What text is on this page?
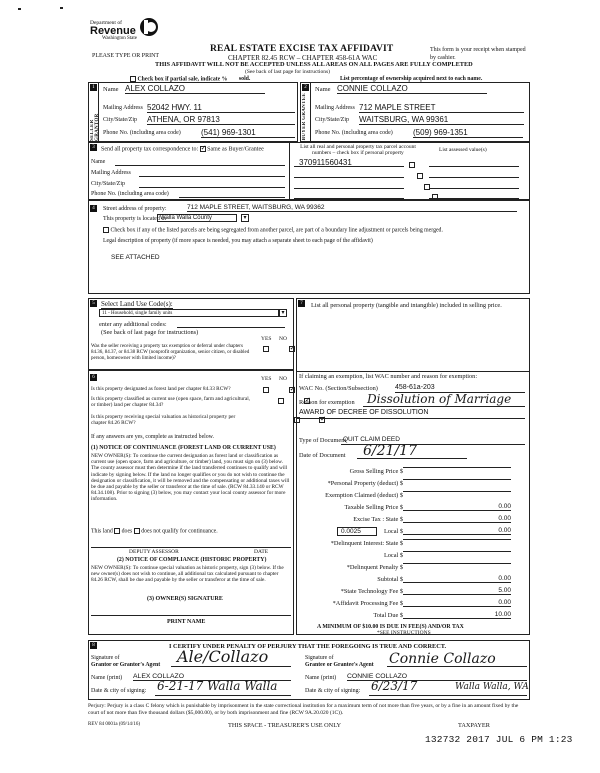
Department of
Revenue
Washington State
REAL ESTATE EXCISE TAX AFFIDAVIT
CHAPTER 82.45 RCW – CHAPTER 458-61A WAC
THIS AFFIDAVIT WILL NOT BE ACCEPTED UNLESS ALL AREAS ON ALL PAGES ARE FULLY COMPLETED
PLEASE TYPE OR PRINT
This form is your receipt when stamped by cashier.
(See back of last page for instructions)
Check box if partial sale, indicate % sold.	List percentage of ownership acquired next to each name.
SELLER GRANTOR
1	Name ALEX COLLAZO
Mailing Address 52042 HWY. 11
City/State/Zip ATHENA, OR 97813
Phone No. (including area code)	(541) 969-1301	BUYER GRANTEE
2	Name CONNIE COLLAZO
Mailing Address 712 MAPLE STREET
City/State/Zip WAITSBURG, WA 99361
Phone No. (including area code)	(509) 969-1351
3	Send all property tax correspondence to: ✓ Same as Buyer/Grantee
Name
Mailing Address
City/State/Zip
Phone No. (including area code)
List all real and personal property tax parcel account numbers – check box if personal property	List assessed value(s)
370911560431

4	Street address of property:	712 MAPLE STREET, WAITSBURG, WA 99362
This property is located in
Walla Walla County	▾
Check box if any of the listed parcels are being segregated from another parcel, are part of a boundary line adjustment or parcels being merged.
Legal description of property (if more space is needed, you may attach a separate sheet to each page of the affidavit)
SEE ATTACHED
5 Select Land Use Code(s):
11 - Household, single family units	▾
enter any additional codes:
(See back of last page for instructions)
YES NO
Was the seller receiving a property tax exemption or deferral under chapters 84.36, 84.37, or 84.38 RCW (nonprofit organization, senior citizen, or disabled person, homeowner with limited income)?
✓
6	YES NO
Is this property designated as forest land per chapter 84.33 RCW?
✓
Is this property classified as current use (open space, farm and agricultural, or timber) land per chapter 84.34?
✓
Is this property receiving special valuation as historical property per chapter 84.26 RCW?
✓
If any answers are yes, complete as instructed below.
(1) NOTICE OF CONTINUANCE (FOREST LAND OR CURRENT USE)
NEW OWNER(S): To continue the current designation as forest land or classification as current use (open space, farm and agriculture, or timber) land, you must sign on (3) below. The county assessor must then determine if the land transferred continues to qualify and will indicate by signing below. If the land no longer qualifies or you do not wish to continue the designation or classification, it will be removed and the compensating or additional taxes will be due and payable by the seller or transferor at the time of sale. (RCW 84.33.140 or RCW 84.34.108). Prior to signing (3) below, you may contact your local county assessor for more information.
This land does does not qualify for continuance.
DEPUTY ASSESSOR	DATE
(2) NOTICE OF COMPLIANCE (HISTORIC PROPERTY)
NEW OWNER(S): To continue special valuation as historic property, sign (3) below. If the new owner(s) does not wish to continue, all additional tax calculated pursuant to chapter 84.26 RCW, shall be due and payable by the seller or transferor at the time of sale.
(3) OWNER(S) SIGNATURE
PRINT NAME
7	List all personal property (tangible and intangible) included in selling price.
If claiming an exemption, list WAC number and reason for exemption:
WAC No. (Section/Subsection) 458-61a-203
Reason for exemption Dissolution of Marriage
AWARD OF DECREE OF DISSOLUTION
Type of Document
QUIT CLAIM DEED
Date of Document 6/21/17
Gross Selling Price $
*Personal Property (deduct) $
Exemption Claimed (deduct) $
Taxable Selling Price $	0.00
Excise Tax : State $	0.00
0.0025	Local $	0.00
*Delinquent Interest: State $
Local $
*Delinquent Penalty $
Subtotal $	0.00
*State Technology Fee $	5.00
*Affidavit Processing Fee $	0.00
Total Due $	10.00
A MINIMUM OF $10.00 IS DUE IN FEE(S) AND/OR TAX
*SEE INSTRUCTIONS
8	I CERTIFY UNDER PENALTY OF PERJURY THAT THE FOREGOING IS TRUE AND CORRECT.
Signature of
Grantor or Grantor's Agent Ale/Collazo
Name (print) ALEX COLLAZO
Date & city of signing: 6-21-17 Walla Walla
Signature of
Grantee or Grantee's Agent Connie Collazo
Name (print) CONNIE COLLAZO
Date & city of signing: 6/23/17	Walla Walla, WA
Perjury: Perjury is a class C felony which is punishable by imprisonment in the state correctional institution for a maximum term of not more than five years, or by a fine in an amount fixed by the court of not more than five thousand dollars ($5,000.00), or by both imprisonment and fine (RCW 9A.20.020 (1C)).
REV 84 0001a (09/14/16)	THIS SPACE - TREASURER'S USE ONLY	TAXPAYER
132732 2017 JUL 6 PM 1:23
